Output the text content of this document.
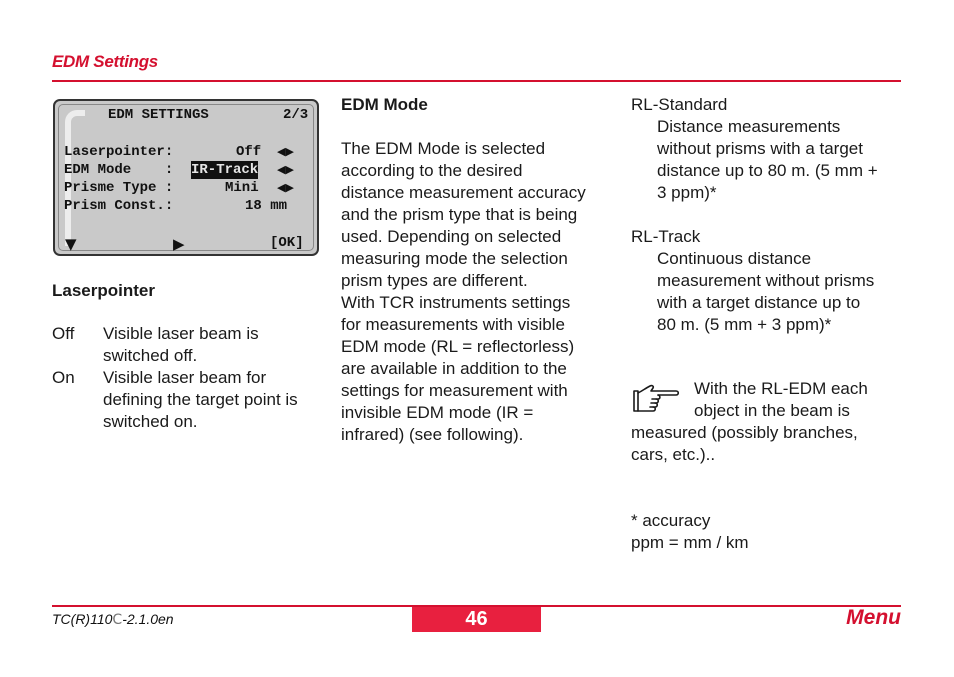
EDM Settings
EDM SETTINGS	2/3
Laserpointer:	Off ◀▶
EDM Mode    : IR-Track ◀▶
Prisme Type :	Mini ◀▶
Prism Const.:	18 mm
▼	▶	[OK]
Laserpointer
Off Visible laser beam is
switched off.
On Visible laser beam for
defining the target point is
switched on.
EDM Mode

The EDM Mode is selected
according to the desired
distance measurement accuracy
and the prism type that is being
used. Depending on selected
measuring mode the selection
prism types are different.
With TCR instruments settings
for measurements with visible
EDM mode (RL = reflectorless)
are available in addition to the
settings for measurement with
invisible EDM mode (IR =
infrared) (see following).
RL-Standard
Distance measurements
without prisms with a target
distance up to 80 m. (5 mm +
3 ppm)*

RL-Track
Continuous distance
measurement without prisms
with a target distance up to
80 m. (5 mm + 3 ppm)*
With the RL-EDM each
object in the beam is
measured (possibly branches,
cars, etc.)..
* accuracy
ppm = mm / km
TC(R)110C-2.1.0en	46	Menu
